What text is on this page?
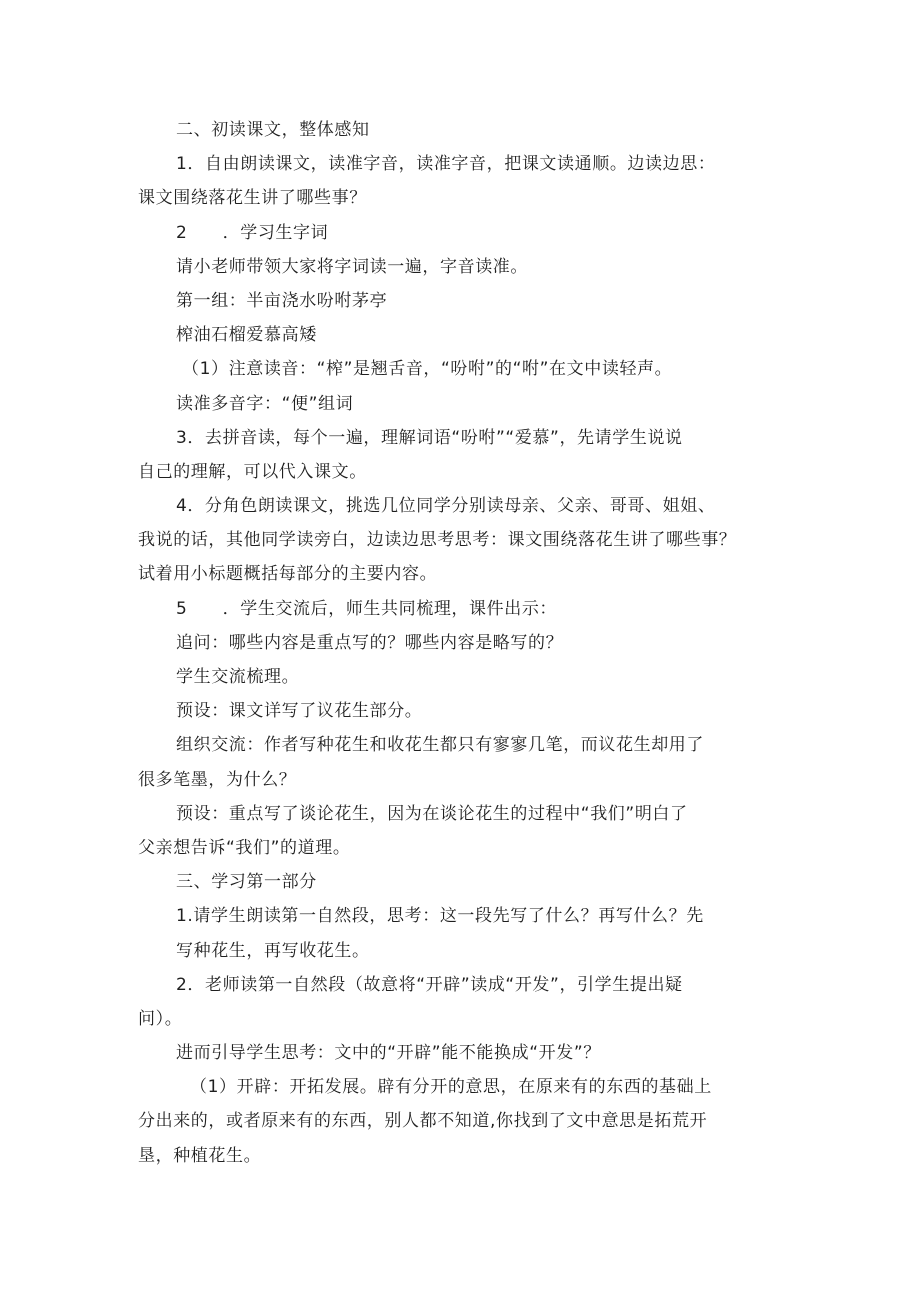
二、初读课文，整体感知
1．自由朗读课文，读准字音，读准字音，把课文读通顺。边读边思：
课文围绕落花生讲了哪些事？
2　　．学习生字词
请小老师带领大家将字词读一遍，字音读准。
第一组：半亩浇水吩咐茅亭
榨油石榴爱慕高矮
（1）注意读音：“榨”是翘舌音，“吩咐”的“咐”在文中读轻声。
读准多音字：“便”组词
3．去拼音读，每个一遍，理解词语“吩咐”“爱慕”，先请学生说说
自己的理解，可以代入课文。
4．分角色朗读课文，挑选几位同学分别读母亲、父亲、哥哥、姐姐、
我说的话，其他同学读旁白，边读边思考思考：课文围绕落花生讲了哪些事？
试着用小标题概括每部分的主要内容。
5　　．学生交流后，师生共同梳理，课件出示：
追问：哪些内容是重点写的？哪些内容是略写的？
学生交流梳理。
预设：课文详写了议花生部分。
组织交流：作者写种花生和收花生都只有寥寥几笔，而议花生却用了
很多笔墨，为什么？
预设：重点写了谈论花生，因为在谈论花生的过程中“我们”明白了
父亲想告诉“我们”的道理。
三、学习第一部分
1.请学生朗读第一自然段，思考：这一段先写了什么？再写什么？先
写种花生，再写收花生。
2．老师读第一自然段（故意将“开辟”读成“开发”，引学生提出疑
问）。
进而引导学生思考：文中的“开辟”能不能换成“开发”？
（1）开辟：开拓发展。辟有分开的意思，在原来有的东西的基础上
分出来的，或者原来有的东西，别人都不知道,你找到了文中意思是拓荒开
垦，种植花生。
